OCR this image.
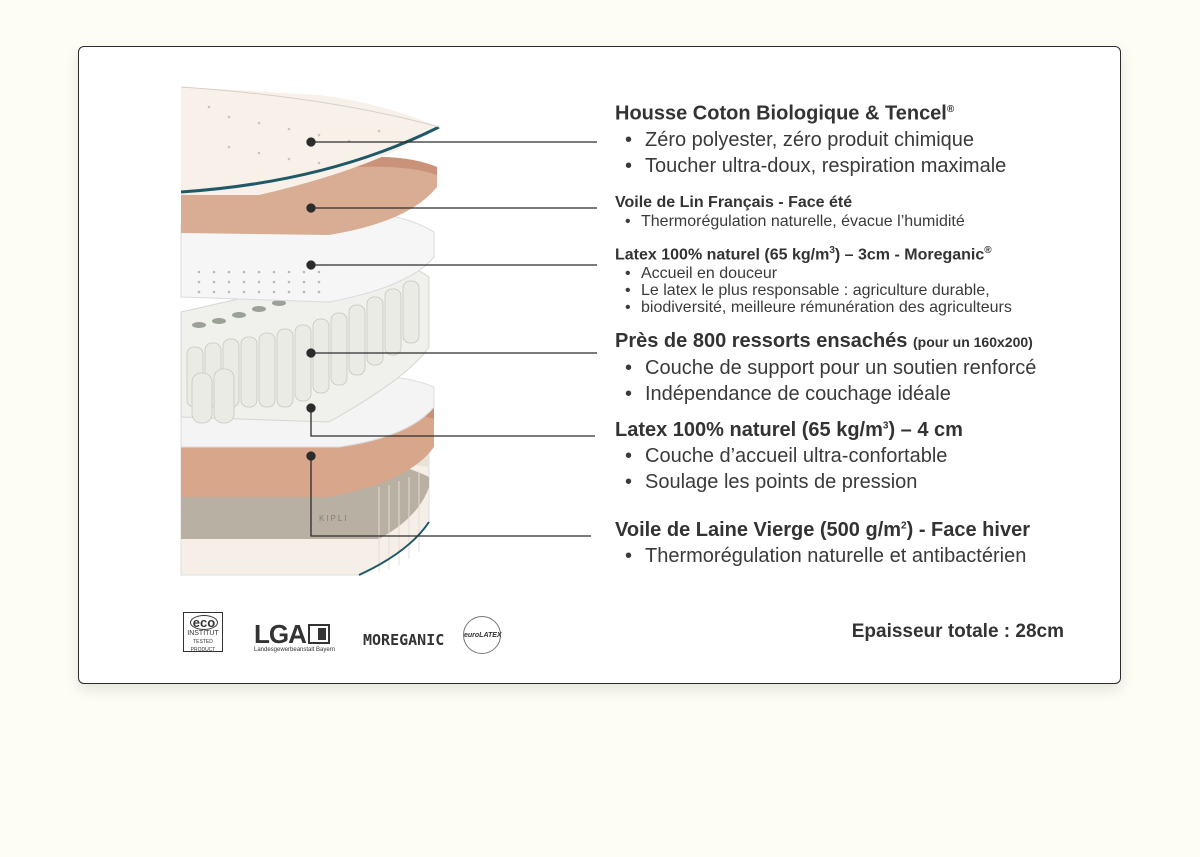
KIPLI
Housse Coton Biologique & Tencel®
• Zéro polyester, zéro produit chimique
• Toucher ultra-doux, respiration maximale
Voile de Lin Français - Face été
• Thermorégulation naturelle, évacue l’humidité
Latex 100% naturel (65 $kg/m^3) - 3cm$ - Moreganic®
• Accueil en douceur
• Le latex le plus responsable : agriculture durable,
• biodiversité, meilleure rémunération des agriculteurs
Près de 800 ressorts ensachés (pour un 160x200)
• Couche de support pour un soutien renforcé
• Indépendance de couchage idéale
Latex 100% naturel (65 $kg/m^3) - 4$ cm
• Couche d’accueil ultra-confortable
• Soulage les points de pression
Voile de Laine Vierge (500 $g/m^2$) - Face hiver
• Thermorégulation naturelle et antibactérien
eco
INSTITUT
TESTED PRODUCT
LGA
Landesgewerbeanstalt Bayern
MOREGANIC	euroLATEX	Epaisseur totale : 28cm
